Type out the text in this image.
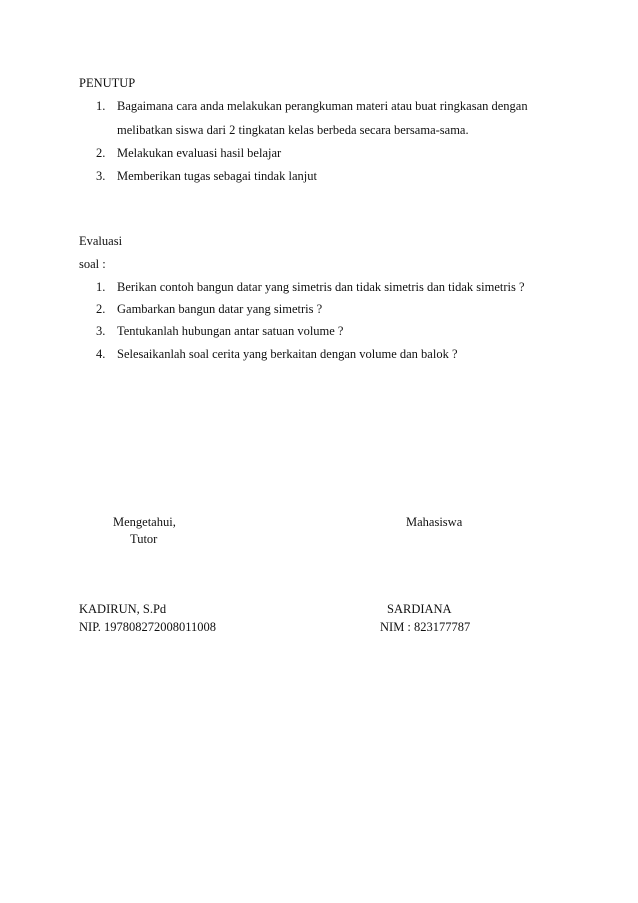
PENUTUP
1. Bagaimana cara anda melakukan perangkuman materi atau buat ringkasan dengan
melibatkan siswa dari 2 tingkatan kelas berbeda secara bersama-sama.
2. Melakukan evaluasi hasil belajar
3. Memberikan tugas sebagai tindak lanjut
Evaluasi
soal :
1. Berikan contoh bangun datar yang simetris dan tidak simetris dan tidak simetris ?
2. Gambarkan bangun datar yang simetris ?
3. Tentukanlah hubungan antar satuan volume ?
4. Selesaikanlah soal cerita yang berkaitan dengan volume dan balok ?
Mengetahui,
Tutor
Mahasiswa
KADIRUN, S.Pd
NIP. 197808272008011008
SARDIANA
NIM : 823177787
